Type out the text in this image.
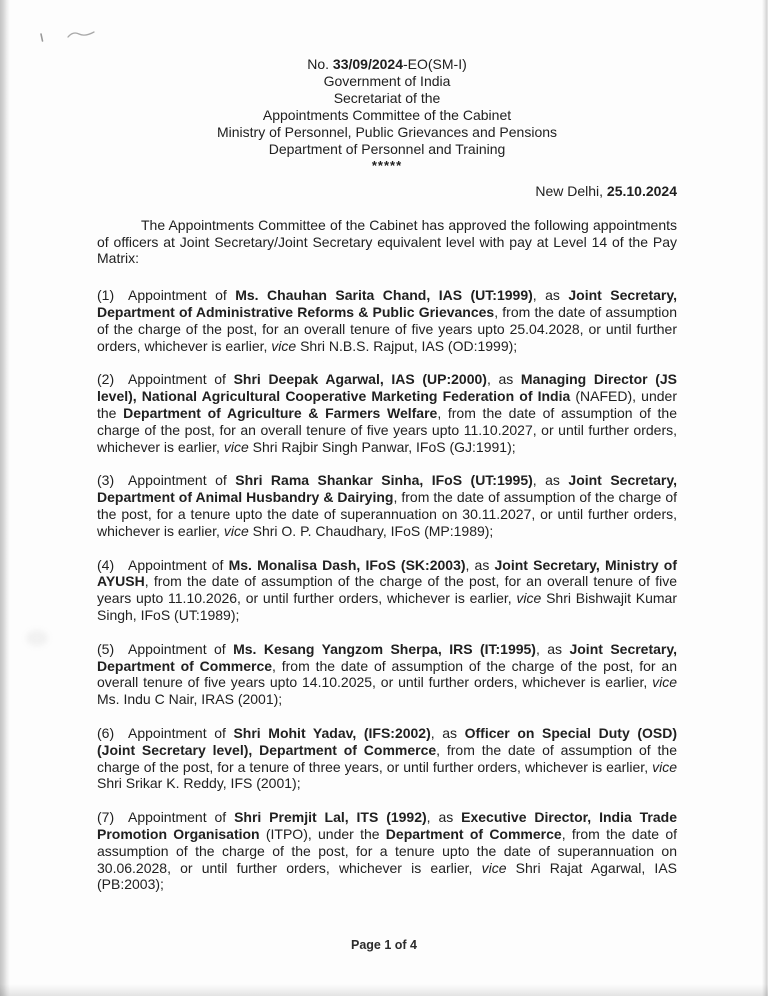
No. 33/09/2024-EO(SM-I)
Government of India
Secretariat of the
Appointments Committee of the Cabinet
Ministry of Personnel, Public Grievances and Pensions
Department of Personnel and Training
*****
New Delhi, 25.10.2024

The Appointments Committee of the Cabinet has approved the following appointments of officers at Joint Secretary/Joint Secretary equivalent level with pay at Level 14 of the Pay Matrix:

(1) Appointment of Ms. Chauhan Sarita Chand, IAS (UT:1999), as Joint Secretary, Department of Administrative Reforms & Public Grievances, from the date of assumption of the charge of the post, for an overall tenure of five years upto 25.04.2028, or until further orders, whichever is earlier, vice Shri N.B.S. Rajput, IAS (OD:1999);

(2) Appointment of Shri Deepak Agarwal, IAS (UP:2000), as Managing Director (JS level), National Agricultural Cooperative Marketing Federation of India (NAFED), under the Department of Agriculture & Farmers Welfare, from the date of assumption of the charge of the post, for an overall tenure of five years upto 11.10.2027, or until further orders, whichever is earlier, vice Shri Rajbir Singh Panwar, IFoS (GJ:1991);

(3) Appointment of Shri Rama Shankar Sinha, IFoS (UT:1995), as Joint Secretary, Department of Animal Husbandry & Dairying, from the date of assumption of the charge of the post, for a tenure upto the date of superannuation on 30.11.2027, or until further orders, whichever is earlier, vice Shri O. P. Chaudhary, IFoS (MP:1989);

(4) Appointment of Ms. Monalisa Dash, IFoS (SK:2003), as Joint Secretary, Ministry of AYUSH, from the date of assumption of the charge of the post, for an overall tenure of five years upto 11.10.2026, or until further orders, whichever is earlier, vice Shri Bishwajit Kumar Singh, IFoS (UT:1989);

(5) Appointment of Ms. Kesang Yangzom Sherpa, IRS (IT:1995), as Joint Secretary, Department of Commerce, from the date of assumption of the charge of the post, for an overall tenure of five years upto 14.10.2025, or until further orders, whichever is earlier, vice Ms. Indu C Nair, IRAS (2001);

(6) Appointment of Shri Mohit Yadav, (IFS:2002), as Officer on Special Duty (OSD) (Joint Secretary level), Department of Commerce, from the date of assumption of the charge of the post, for a tenure of three years, or until further orders, whichever is earlier, vice Shri Srikar K. Reddy, IFS (2001);

(7) Appointment of Shri Premjit Lal, ITS (1992), as Executive Director, India Trade Promotion Organisation (ITPO), under the Department of Commerce, from the date of assumption of the charge of the post, for a tenure upto the date of superannuation on 30.06.2028, or until further orders, whichever is earlier, vice Shri Rajat Agarwal, IAS (PB:2003);

Page 1 of 4
